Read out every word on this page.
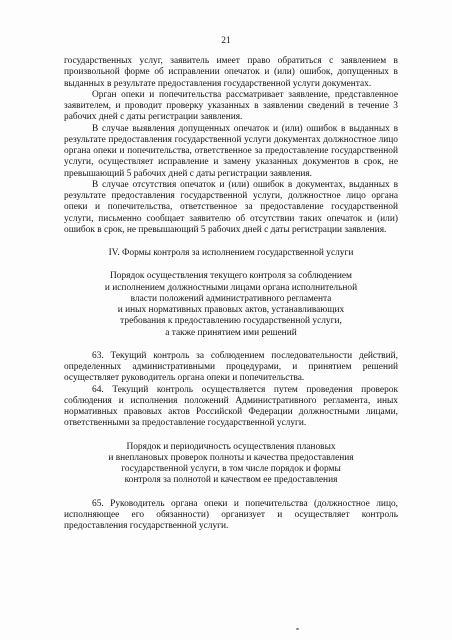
21

государственных услуг, заявитель имеет право обратиться с заявлением в произвольной форме об исправлении опечаток и (или) ошибок, допущенных в выданных в результате предоставления государственной услуги документах.

Орган опеки и попечительства рассматривает заявление, представленное заявителем, и проводит проверку указанных в заявлении сведений в течение 3 рабочих дней с даты регистрации заявления.

В случае выявления допущенных опечаток и (или) ошибок в выданных в результате предоставления государственной услуги документах должностное лицо органа опеки и попечительства, ответственное за предоставление государственной услуги, осуществляет исправление и замену указанных документов в срок, не превышающий 5 рабочих дней с даты регистрации заявления.

В случае отсутствия опечаток и (или) ошибок в документах, выданных в результате предоставления государственной услуги, должностное лицо органа опеки и попечительства, ответственное за предоставление государственной услуги, письменно сообщает заявителю об отсутствии таких опечаток и (или) ошибок в срок, не превышающий 5 рабочих дней с даты регистрации заявления.

IV. Формы контроля за исполнением государственной услуги

Порядок осуществления текущего контроля за соблюдением
и исполнением должностными лицами органа исполнительной
власти положений административного регламента
и иных нормативных правовых актов, устанавливающих
требования к предоставлению государственной услуги,
а также принятием ими решений

63. Текущий контроль за соблюдением последовательности действий, определенных административными процедурами, и принятием решений осуществляет руководитель органа опеки и попечительства.

64. Текущий контроль осуществляется путем проведения проверок соблюдения и исполнения положений Административного регламента, иных нормативных правовых актов Российской Федерации должностными лицами, ответственными за предоставление государственной услуги.

Порядок и периодичность осуществления плановых
и внеплановых проверок полноты и качества предоставления
государственной услуги, в том числе порядок и формы
контроля за полнотой и качеством ее предоставления

65. Руководитель органа опеки и попечительства (должностное лицо, исполняющее его обязанности) организует и осуществляет контроль предоставления государственной услуги.
